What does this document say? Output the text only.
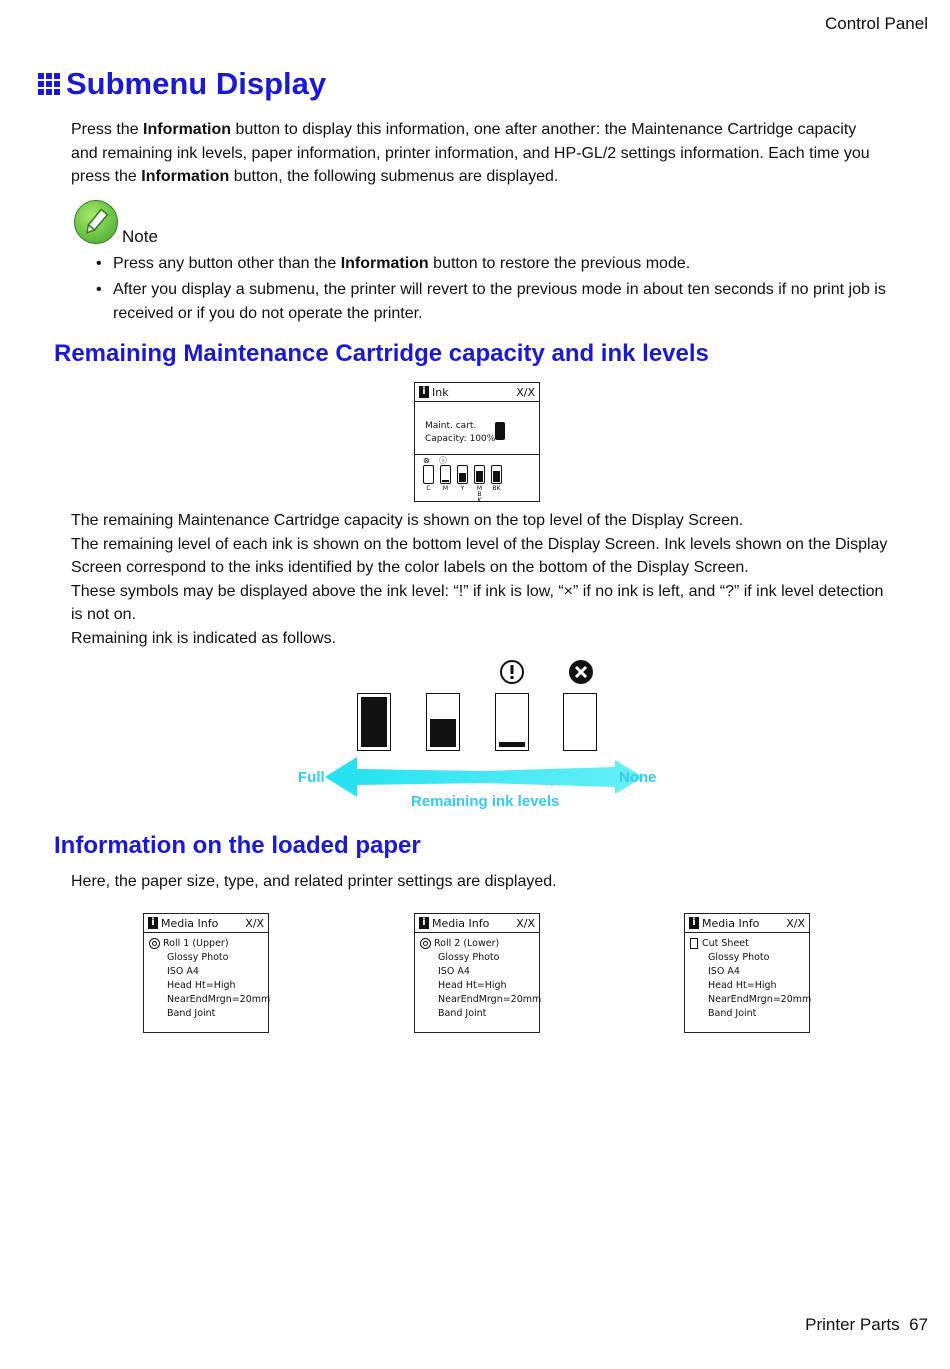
Control Panel
Submenu Display
Press the Information button to display this information, one after another: the Maintenance Cartridge capacity and remaining ink levels, paper information, printer information, and HP-GL/2 settings information. Each time you press the Information button, the following submenus are displayed.
Note
• Press any button other than the Information button to restore the previous mode.
• After you display a submenu, the printer will revert to the previous mode in about ten seconds if no print job is received or if you do not operate the printer.
Remaining Maintenance Cartridge capacity and ink levels
i Ink	X/X
Maint. cart.
Capacity: 100%
⊗ ⓘ
C	M	Y	M
B
K
BK
The remaining Maintenance Cartridge capacity is shown on the top level of the Display Screen.
The remaining level of each ink is shown on the bottom level of the Display Screen. Ink levels shown on the Display Screen correspond to the inks identified by the color labels on the bottom of the Display Screen.
These symbols may be displayed above the ink level: “!” if ink is low, “×” if no ink is left, and “?” if ink level detection is not on.
Remaining ink is indicated as follows.
Full	None
Remaining ink levels
Information on the loaded paper
Here, the paper size, type, and related printer settings are displayed.
i Media Info X/X
Roll 1 (Upper)
Glossy Photo
ISO A4
Head Ht=High
NearEndMrgn=20mm
Band Joint
i Media Info X/X
Roll 2 (Lower)
Glossy Photo
ISO A4
Head Ht=High
NearEndMrgn=20mm
Band Joint
i Media Info X/X
Cut Sheet
Glossy Photo
ISO A4
Head Ht=High
NearEndMrgn=20mm
Band Joint
Printer Parts 67
